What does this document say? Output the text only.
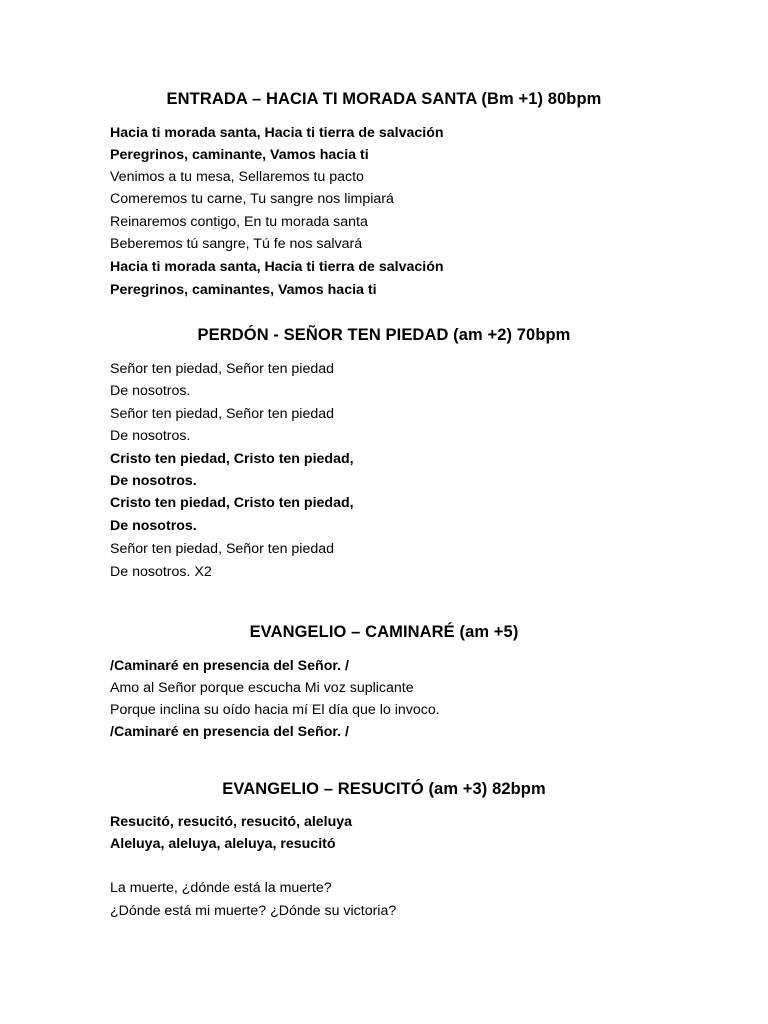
ENTRADA – HACIA TI MORADA SANTA (Bm +1) 80bpm
Hacia ti morada santa, Hacia ti tierra de salvación
Peregrinos, caminante, Vamos hacia ti
Venimos a tu mesa, Sellaremos tu pacto
Comeremos tu carne, Tu sangre nos limpiará
Reinaremos contigo, En tu morada santa
Beberemos tú sangre, Tú fe nos salvará
Hacia ti morada santa, Hacia ti tierra de salvación
Peregrinos, caminantes, Vamos hacia ti
PERDÓN - SEÑOR TEN PIEDAD (am +2) 70bpm
Señor ten piedad, Señor ten piedad
De nosotros.
Señor ten piedad, Señor ten piedad
De nosotros.
Cristo ten piedad, Cristo ten piedad,
De nosotros.
Cristo ten piedad, Cristo ten piedad,
De nosotros.
Señor ten piedad, Señor ten piedad
De nosotros. X2
EVANGELIO – CAMINARÉ (am +5)
/Caminaré en presencia del Señor. /
Amo al Señor porque escucha Mi voz suplicante
Porque inclina su oído hacia mí El día que lo invoco.
/Caminaré en presencia del Señor. /
EVANGELIO – RESUCITÓ (am +3) 82bpm
Resucitó, resucitó, resucitó, aleluya
Aleluya, aleluya, aleluya, resucitó
La muerte, ¿dónde está la muerte?
¿Dónde está mi muerte? ¿Dónde su victoria?
